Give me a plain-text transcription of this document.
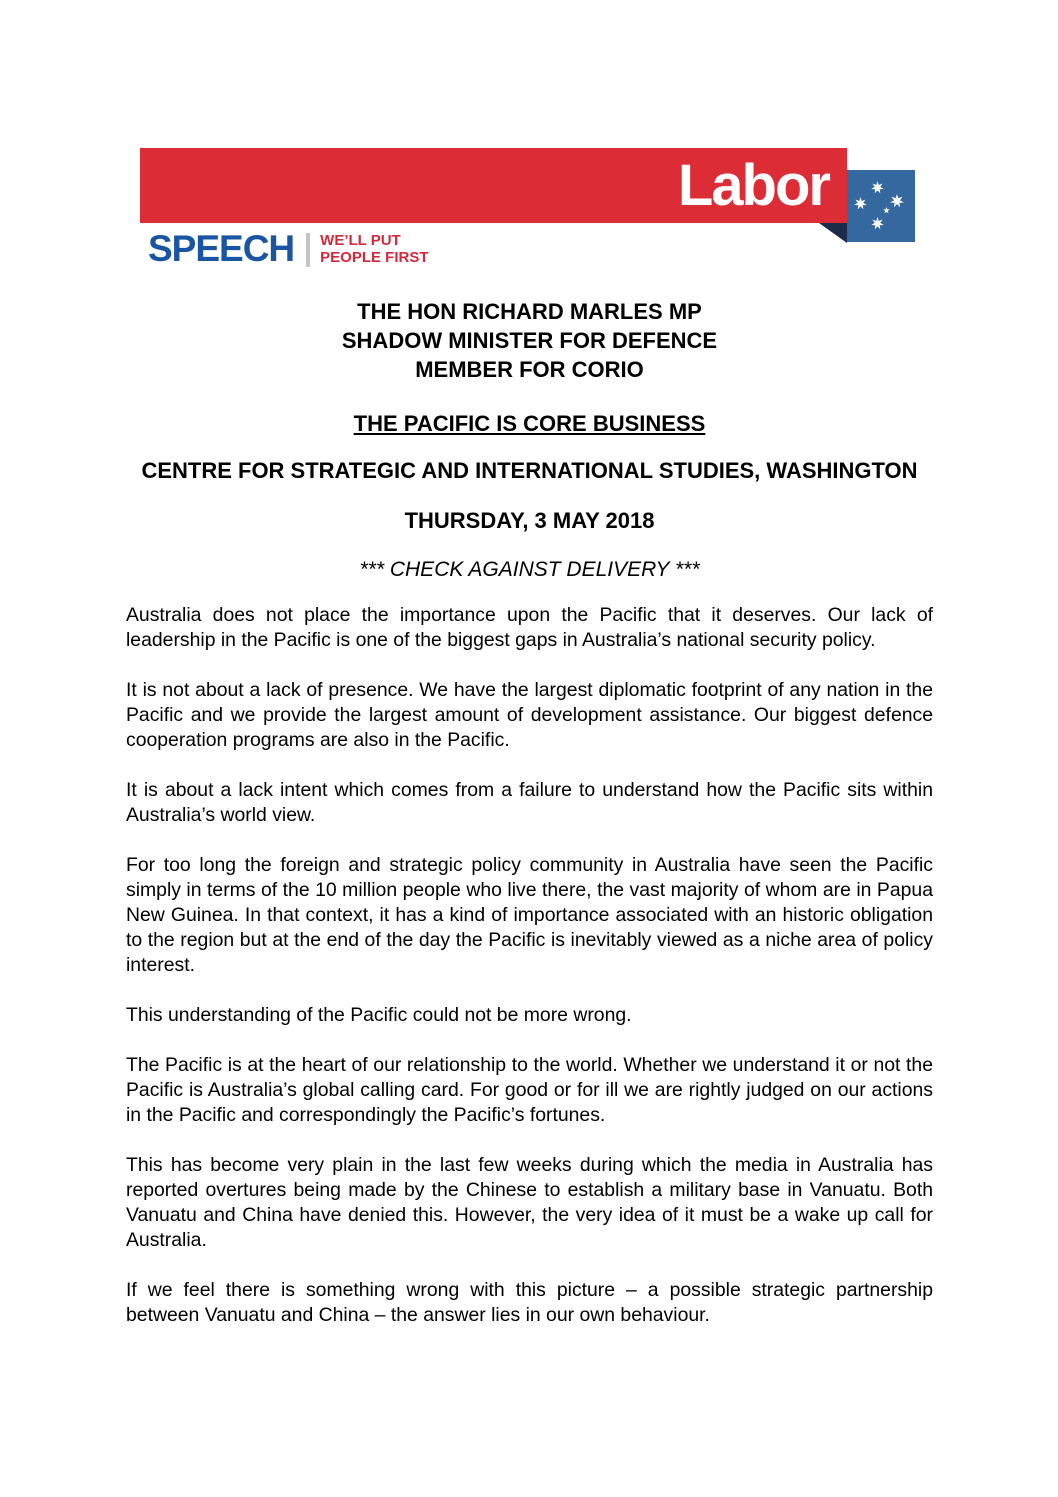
Labor
SPEECH WE’LL PUT
PEOPLE FIRST
THE HON RICHARD MARLES MP
SHADOW MINISTER FOR DEFENCE
MEMBER FOR CORIO
THE PACIFIC IS CORE BUSINESS
CENTRE FOR STRATEGIC AND INTERNATIONAL STUDIES, WASHINGTON
THURSDAY, 3 MAY 2018
*** CHECK AGAINST DELIVERY ***

Australia does not place the importance upon the Pacific that it deserves. Our lack of leadership in the Pacific is one of the biggest gaps in Australia’s national security policy.

It is not about a lack of presence. We have the largest diplomatic footprint of any nation in the Pacific and we provide the largest amount of development assistance. Our biggest defence cooperation programs are also in the Pacific.

It is about a lack intent which comes from a failure to understand how the Pacific sits within Australia’s world view.

For too long the foreign and strategic policy community in Australia have seen the Pacific simply in terms of the 10 million people who live there, the vast majority of whom are in Papua New Guinea. In that context, it has a kind of importance associated with an historic obligation to the region but at the end of the day the Pacific is inevitably viewed as a niche area of policy interest.

This understanding of the Pacific could not be more wrong.

The Pacific is at the heart of our relationship to the world. Whether we understand it or not the Pacific is Australia’s global calling card. For good or for ill we are rightly judged on our actions in the Pacific and correspondingly the Pacific’s fortunes.

This has become very plain in the last few weeks during which the media in Australia has reported overtures being made by the Chinese to establish a military base in Vanuatu. Both Vanuatu and China have denied this. However, the very idea of it must be a wake up call for Australia.

If we feel there is something wrong with this picture – a possible strategic partnership between Vanuatu and China – the answer lies in our own behaviour.
